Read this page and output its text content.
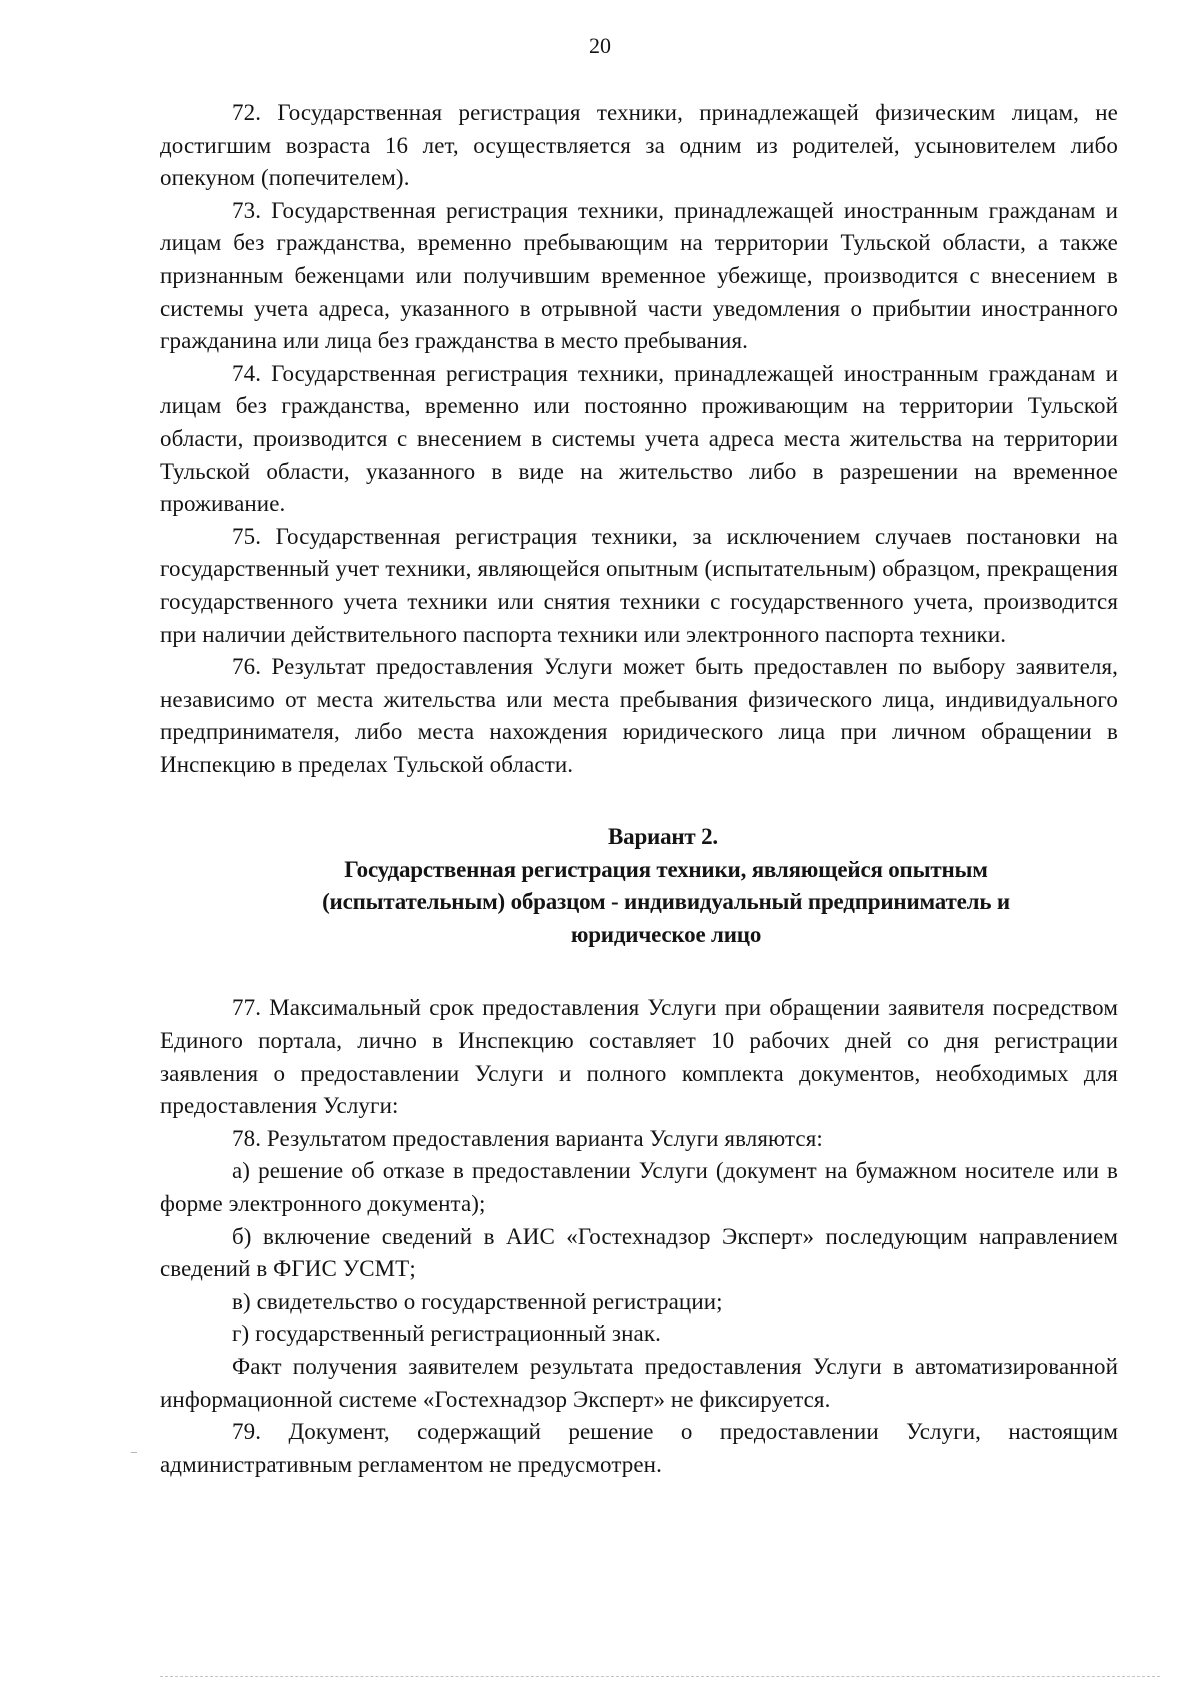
20

72. Государственная регистрация техники, принадлежащей физическим лицам, не достигшим возраста 16 лет, осуществляется за одним из родителей, усыновителем либо опекуном (попечителем).

73. Государственная регистрация техники, принадлежащей иностранным гражданам и лицам без гражданства, временно пребывающим на территории Тульской области, а также признанным беженцами или получившим временное убежище, производится с внесением в системы учета адреса, указанного в отрывной части уведомления о прибытии иностранного гражданина или лица без гражданства в место пребывания.

74. Государственная регистрация техники, принадлежащей иностранным гражданам и лицам без гражданства, временно или постоянно проживающим на территории Тульской области, производится с внесением в системы учета адреса места жительства на территории Тульской области, указанного в виде на жительство либо в разрешении на временное проживание.

75. Государственная регистрация техники, за исключением случаев постановки на государственный учет техники, являющейся опытным (испытательным) образцом, прекращения государственного учета техники или снятия техники с государственного учета, производится при наличии действительного паспорта техники или электронного паспорта техники.

76. Результат предоставления Услуги может быть предоставлен по выбору заявителя, независимо от места жительства или места пребывания физического лица, индивидуального предпринимателя, либо места нахождения юридического лица при личном обращении в Инспекцию в пределах Тульской области.

Вариант 2.

Государственная регистрация техники, являющейся опытным

(испытательным) образцом - индивидуальный предприниматель и

юридическое лицо

77. Максимальный срок предоставления Услуги при обращении заявителя посредством Единого портала, лично в Инспекцию составляет 10 рабочих дней со дня регистрации заявления о предоставлении Услуги и полного комплекта документов, необходимых для предоставления Услуги:

78. Результатом предоставления варианта Услуги являются:

а) решение об отказе в предоставлении Услуги (документ на бумажном носителе или в форме электронного документа);

б) включение сведений в АИС «Гостехнадзор Эксперт» последующим направлением сведений в ФГИС УСМТ;

в) свидетельство о государственной регистрации;

г) государственный регистрационный знак.

Факт получения заявителем результата предоставления Услуги в автоматизированной информационной системе «Гостехнадзор Эксперт» не фиксируется.

79. Документ, содержащий решение о предоставлении Услуги, настоящим административным регламентом не предусмотрен.
